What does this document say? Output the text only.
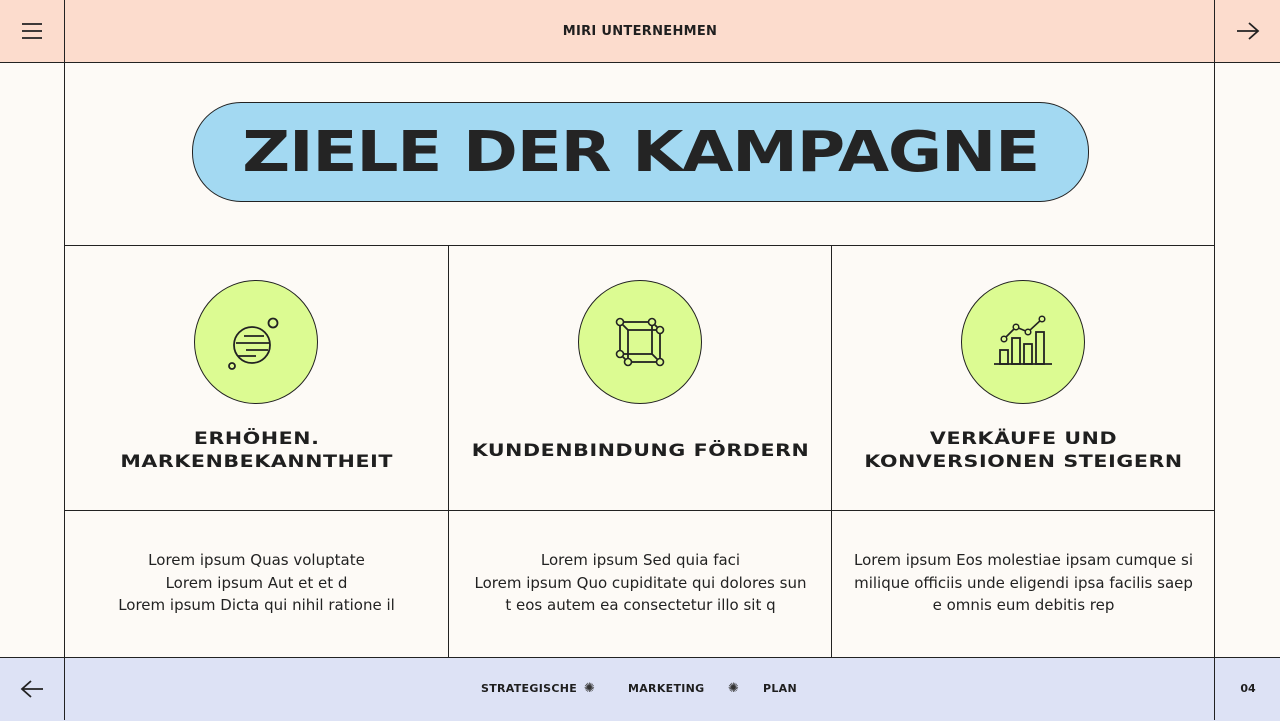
MIRI UNTERNEHMEN
ZIELE DER KAMPAGNE
ERHÖHEN.
MARKENBEKANNTHEIT
Lorem ipsum Quas voluptate
Lorem ipsum Aut et et d
Lorem ipsum Dicta qui nihil ratione il
KUNDENBINDUNG FÖRDERN
Lorem ipsum Sed quia faci
Lorem ipsum Quo cupiditate qui dolores sun
t eos autem ea consectetur illo sit q
VERKÄUFE UND
KONVERSIONEN STEIGERN
Lorem ipsum Eos molestiae ipsam cumque si
milique officiis unde eligendi ipsa facilis saep
e omnis eum debitis rep
STRATEGISCHE ✺	MARKETING ✺ PLAN	04
